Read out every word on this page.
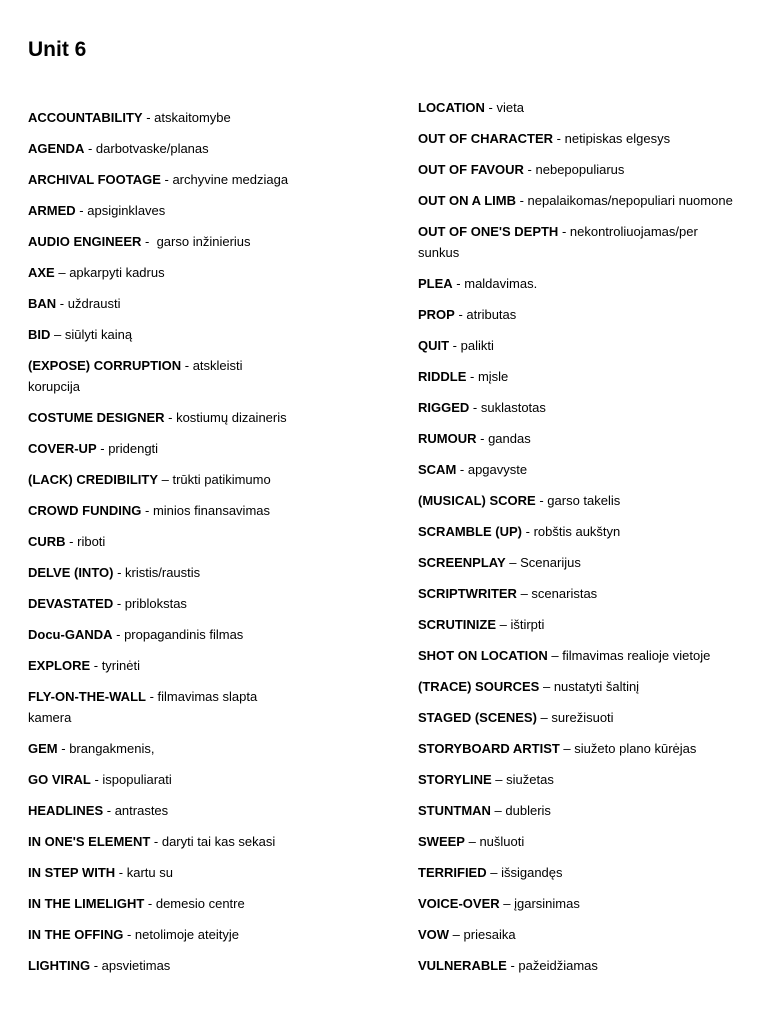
Unit 6
ACCOUNTABILITY - atskaitomybe
AGENDA - darbotvaske/planas
ARCHIVAL FOOTAGE - archyvine medziaga
ARMED - apsiginklaves
AUDIO ENGINEER -  garso inžinierius
AXE – apkarpyti kadrus
BAN - uždrausti
BID – siūlyti kainą
(EXPOSE) CORRUPTION - atskleisti korupcija
COSTUME DESIGNER - kostiumų dizaineris
COVER-UP - pridengti
(LACK) CREDIBILITY – trūkti patikimumo
CROWD FUNDING - minios finansavimas
CURB - riboti
DELVE (INTO) - kristis/raustis
DEVASTATED - priblokstas
Docu-GANDA - propagandinis filmas
EXPLORE - tyrinėti
FLY-ON-THE-WALL - filmavimas slapta kamera
GEM - brangakmenis,
GO VIRAL - ispopuliarati
HEADLINES - antrastes
IN ONE'S ELEMENT - daryti tai kas sekasi
IN STEP WITH - kartu su
IN THE LIMELIGHT - demesio centre
IN THE OFFING - netolimoje ateityje
LIGHTING - apsvietimas
LOCATION - vieta
OUT OF CHARACTER - netipiskas elgesys
OUT OF FAVOUR - nebepopuliarus
OUT ON A LIMB - nepalaikomas/nepopuliari nuomone
OUT OF ONE'S DEPTH - nekontroliuojamas/per sunkus
PLEA - maldavimas.
PROP - atributas
QUIT - palikti
RIDDLE - mįsle
RIGGED - suklastotas
RUMOUR - gandas
SCAM - apgavyste
(MUSICAL) SCORE - garso takelis
SCRAMBLE (UP) - robštis aukštyn
SCREENPLAY – Scenarijus
SCRIPTWRITER – scenaristas
SCRUTINIZE – ištirpti
SHOT ON LOCATION – filmavimas realioje vietoje
(TRACE) SOURCES – nustatyti šaltinį
STAGED (SCENES) – surežisuoti
STORYBOARD ARTIST – siužeto plano kūrėjas
STORYLINE – siužetas
STUNTMAN – dubleris
SWEEP – nušluoti
TERRIFIED – išsigandęs
VOICE-OVER – įgarsinimas
VOW – priesaika
VULNERABLE - pažeidžiamas
